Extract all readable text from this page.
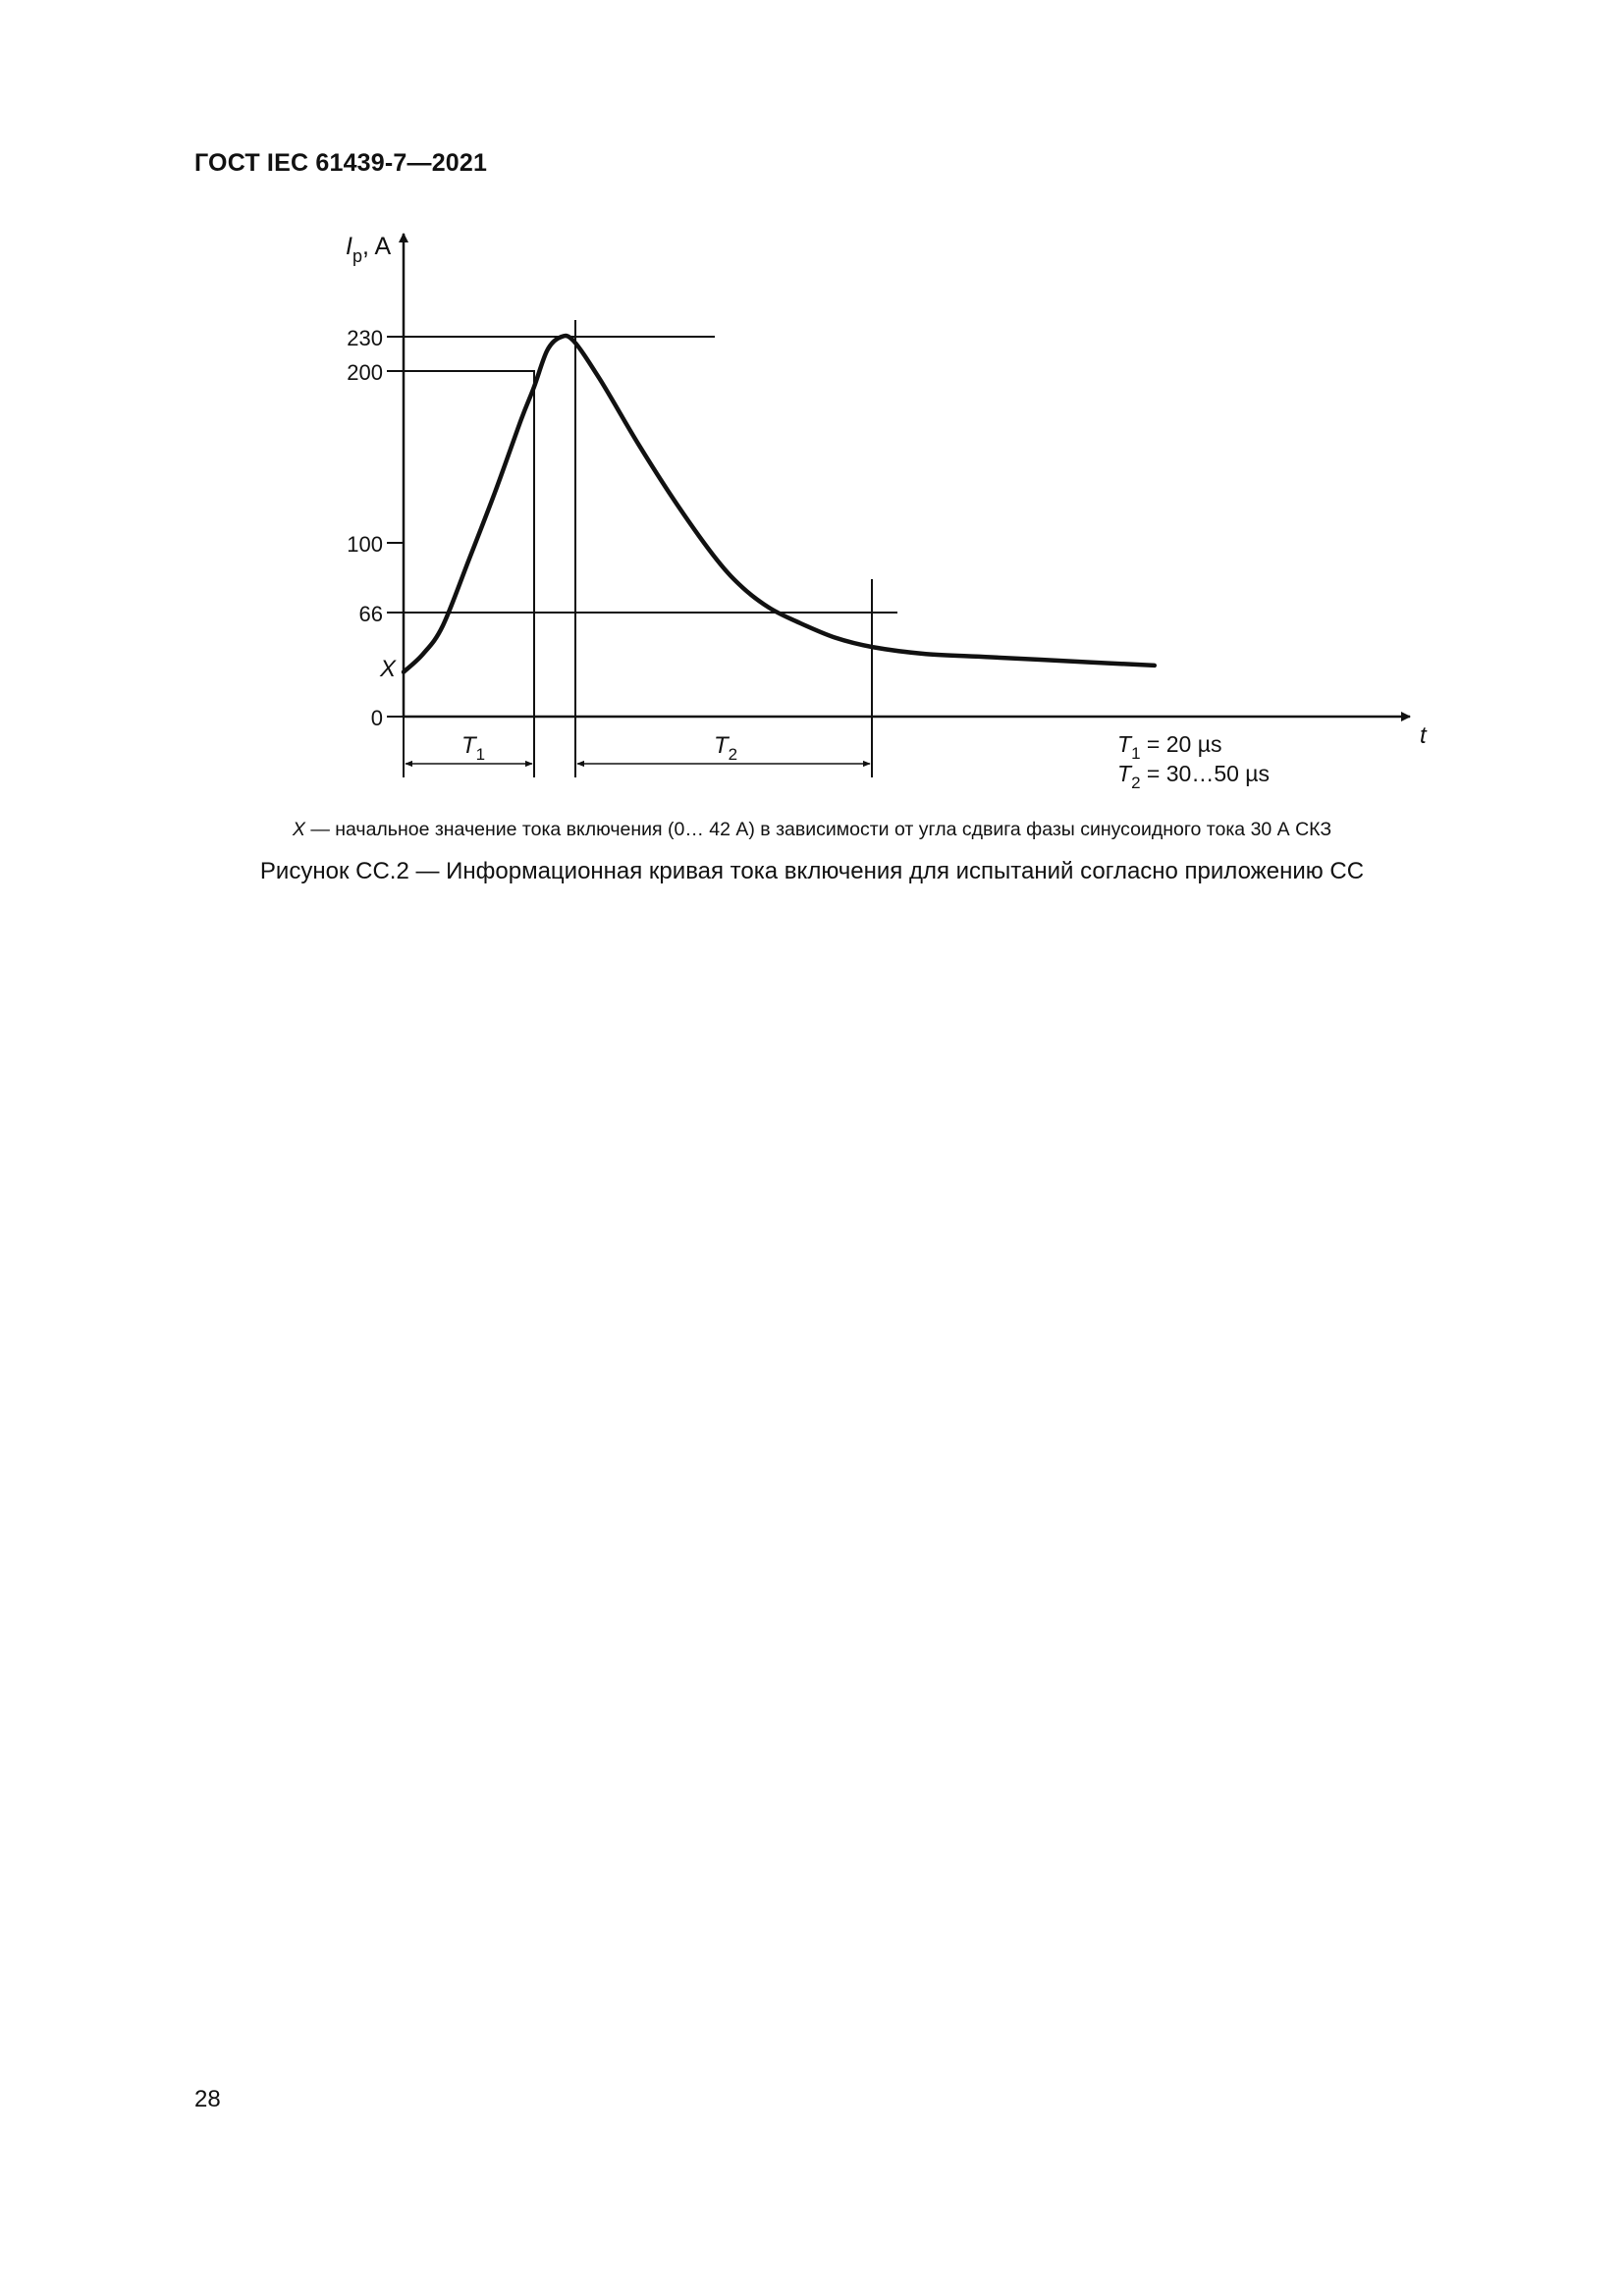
ГОСТ IEC 61439-7—2021
$I_p$, A
t
230
200
100
66
X
0
$T_1$	$T_2$	$T_1 = 20$ µs
$T_2$ = 30…50 µs
X — начальное значение тока включения (0… 42 А) в зависимости от угла сдвига фазы синусоидного тока 30 А СКЗ
Рисунок СС.2 — Информационная кривая тока включения для испытаний согласно приложению СС
28
